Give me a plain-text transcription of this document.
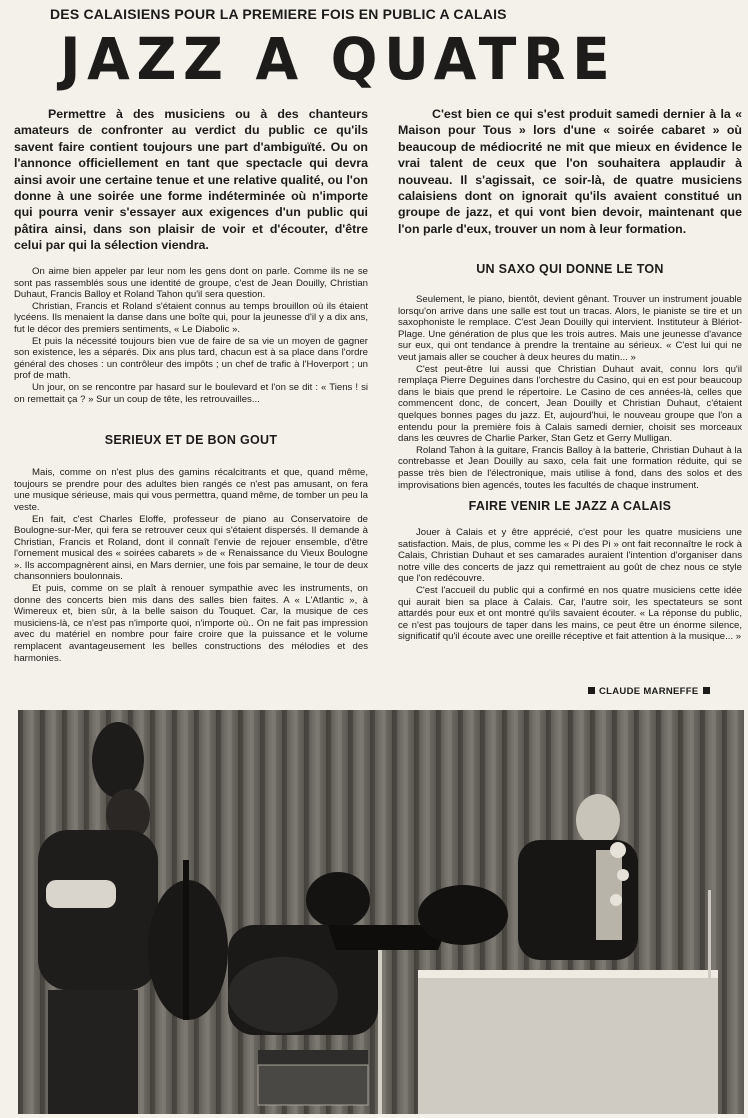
DES CALAISIENS POUR LA PREMIERE FOIS EN PUBLIC A CALAIS
JAZZ A QUATRE
Permettre à des musiciens ou à des chanteurs amateurs de confronter au verdict du public ce qu'ils savent faire contient toujours une part d'ambiguïté. Ou on l'annonce officiellement en tant que spectacle qui devra ainsi avoir une certaine tenue et une relative qualité, ou l'on donne à une soirée une forme indéterminée où n'importe qui pourra venir s'essayer aux exigences d'un public qui pâtira ainsi, dans son plaisir de voir et d'écouter, d'être celui par qui la sélection viendra.
C'est bien ce qui s'est produit samedi dernier à la « Maison pour Tous » lors d'une « soirée cabaret » où beaucoup de médiocrité ne mit que mieux en évidence le vrai talent de ceux que l'on souhaitera applaudir à nouveau. Il s'agissait, ce soir-là, de quatre musiciens calaisiens dont on ignorait qu'ils avaient constitué un groupe de jazz, et qui vont bien devoir, maintenant que l'on parle d'eux, trouver un nom à leur formation.

On aime bien appeler par leur nom les gens dont on parle. Comme ils ne se sont pas rassemblés sous une identité de groupe, c'est de Jean Douilly, Christian Duhaut, Francis Balloy et Roland Tahon qu'il sera question.

Christian, Francis et Roland s'étaient connus au temps brouillon où ils étaient lycéens. Ils menaient la danse dans une boîte qui, pour la jeunesse d'il y a dix ans, fut le décor des premiers sentiments, « Le Diabolic ».

Et puis la nécessité toujours bien vue de faire de sa vie un moyen de gagner son existence, les a séparés. Dix ans plus tard, chacun est à sa place dans l'ordre général des choses : un contrôleur des impôts ; un chef de trafic à l'Hoverport ; un prof de math.

Un jour, on se rencontre par hasard sur le boulevard et l'on se dit : « Tiens ! si on remettait ça ? » Sur un coup de tête, les retrouvailles...

SERIEUX ET DE BON GOUT

Mais, comme on n'est plus des gamins récalcitrants et que, quand même, toujours se prendre pour des adultes bien rangés ce n'est pas amusant, on fera une musique sérieuse, mais qui vous permettra, quand même, de tomber un peu la veste.

En fait, c'est Charles Eloffe, professeur de piano au Conservatoire de Boulogne-sur-Mer, qui fera se retrouver ceux qui s'étaient dispersés. Il demande à Christian, Francis et Roland, dont il connaît l'envie de rejouer ensemble, d'être l'ornement musical des « soirées cabarets » de « Renaissance du Vieux Boulogne ». Ils accompagnèrent ainsi, en Mars dernier, une fois par semaine, le tour de deux chansonniers boulonnais.

Et puis, comme on se plaît à renouer sympathie avec les instruments, on donne des concerts bien mis dans des salles bien faites. A « L'Atlantic », à Wimereux et, bien sûr, à la belle saison du Touquet. Car, la musique de ces musiciens-là, ce n'est pas n'importe quoi, n'importe où.. On ne fait pas impression avec du matériel en nombre pour faire croire que la puissance et le volume remplacent avantageusement les belles constructions des mélodies et des harmonies.

UN SAXO QUI DONNE LE TON

Seulement, le piano, bientôt, devient gênant. Trouver un instrument jouable lorsqu'on arrive dans une salle est tout un tracas. Alors, le pianiste se tire et un saxophoniste le remplace. C'est Jean Douilly qui intervient. Instituteur à Blériot-Plage. Une génération de plus que les trois autres. Mais une jeunesse d'avance sur eux, qui ont tendance à prendre la trentaine au sérieux. « C'est lui qui ne veut jamais aller se coucher à deux heures du matin... »

C'est peut-être lui aussi que Christian Duhaut avait, connu lors qu'il remplaça Pierre Deguines dans l'orchestre du Casino, qui en est pour beaucoup dans le biais que prend le répertoire. Le Casino de ces années-là, celles que commencent donc, de concert, Jean Douilly et Christian Duhaut, c'étaient quelques bonnes pages du jazz. Et, aujourd'hui, le nouveau groupe que l'on a entendu pour la première fois à Calais samedi dernier, choisit ses morceaux dans les œuvres de Charlie Parker, Stan Getz et Gerry Mulligan.

Roland Tahon à la guitare, Francis Balloy à la batterie, Christian Duhaut à la contrebasse et Jean Douilly au saxo, cela fait une formation réduite, qui se passe très bien de l'électronique, mais utilise à fond, dans des solos et des improvisations bien agencés, toutes les facultés de chaque instrument.

FAIRE VENIR LE JAZZ A CALAIS

Jouer à Calais et y être apprécié, c'est pour les quatre musiciens une satisfaction. Mais, de plus, comme les « Pi des Pi » ont fait reconnaître le rock à Calais, Christian Duhaut et ses camarades auraient l'intention d'organiser dans notre ville des concerts de jazz qui remettraient au goût de chez nous ce style que l'on redécouvre.

C'est l'accueil du public qui a confirmé en nos quatre musiciens cette idée qui aurait bien sa place à Calais. Car, l'autre soir, les spectateurs se sont attardés pour eux et ont montré qu'ils savaient écouter. « La réponse du public, ce n'est pas toujours de taper dans les mains, ce peut être un énorme silence, significatif qu'il écoute avec une oreille réceptive et fait attention à la musique... »

CLAUDE MARNEFFE
